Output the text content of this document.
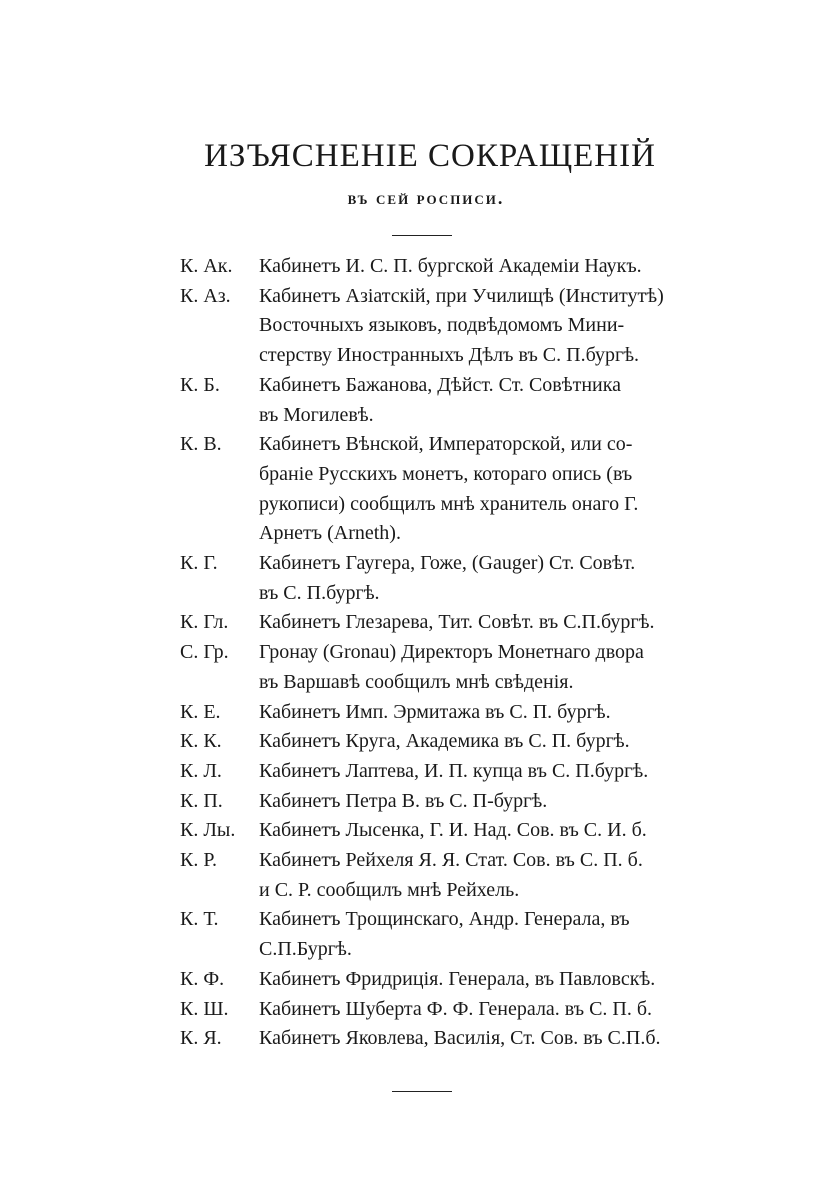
ИЗЪЯСНЕНІЕ СОКРАЩЕНІЙ
въ сей росписи.
К. Ак.	Кабинетъ И. С. П. бургской Академіи Наукъ.
К. Аз.	Кабинетъ Азіатскій, при Училищѣ (Институтѣ)
Восточныхъ языковъ, подвѣдомомъ Мини-
стерству Иностранныхъ Дѣлъ въ С. П.бургѣ.
К. Б.	Кабинетъ Бажанова, Дѣйст. Ст. Совѣтника
въ Могилевѣ.
К. В.	Кабинетъ Вѣнской, Императорской, или со-
браніе Русскихъ монетъ, котораго опись (въ
рукописи) сообщилъ мнѣ хранитель онаго Г.
Арнетъ (Arneth).
К. Г.	Кабинетъ Гаугера, Гоже, (Gauger) Ст. Совѣт.
въ С. П.бургѣ.
К. Гл.	Кабинетъ Глезарева, Тит. Совѣт. въ С.П.бургѣ.
С. Гр.	Гронау (Gronau) Директоръ Монетнаго двора
въ Варшавѣ сообщилъ мнѣ свѣденія.
К. Е.	Кабинетъ Имп. Эрмитажа въ С. П. бургѣ.
К. К.	Кабинетъ Круга, Академика въ С. П. бургѣ.
К. Л.	Кабинетъ Лаптева, И. П. купца въ С. П.бургѣ.
К. П.	Кабинетъ Петра В. въ С. П-бургѣ.
К. Лы.	Кабинетъ Лысенка, Г. И. Над. Сов. въ С. И. б.
К. Р.	Кабинетъ Рейхеля Я. Я. Стат. Сов. въ С. П. б.
и С. Р. сообщилъ мнѣ Рейхель.
К. Т.	Кабинетъ Трощинскаго, Андр. Генерала, въ
С.П.Бургѣ.
К. Ф.	Кабинетъ Фридриція. Генерала, въ Павловскѣ.
К. Ш.	Кабинетъ Шуберта Ф. Ф. Генерала. въ С. П. б.
К. Я.	Кабинетъ Яковлева, Василія, Ст. Сов. въ С.П.б.
